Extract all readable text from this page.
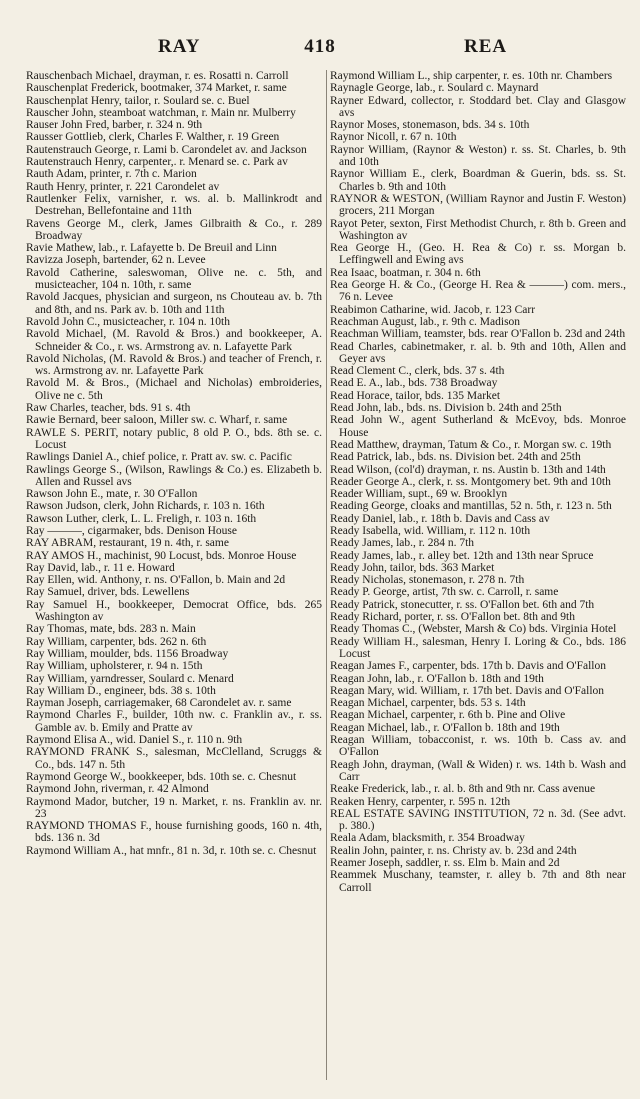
RAY	418	REA
Rauschenbach Michael, drayman, r. es. Rosatti n. Carroll
Rauschenplat Frederick, bootmaker, 374 Market, r. same
Rauschenplat Henry, tailor, r. Soulard se. c. Buel
Rauscher John, steamboat watchman, r. Main nr. Mulberry
Rauser John Fred, barber, r. 324 n. 9th
Rausser Gottlieb, clerk, Charles F. Walther, r. 19 Green
Rautenstrauch George, r. Lami b. Carondelet av. and Jackson
Rautenstrauch Henry, carpenter,. r. Menard se. c. Park av
Rauth Adam, printer, r. 7th c. Marion
Rauth Henry, printer, r. 221 Carondelet av
Rautlenker Felix, varnisher, r. ws. al. b. Mallinkrodt and Destrehan, Bellefontaine and 11th
Ravens George M., clerk, James Gilbraith & Co., r. 289 Broadway
Ravie Mathew, lab., r. Lafayette b. De Breuil and Linn
Ravizza Joseph, bartender, 62 n. Levee
Ravold Catherine, saleswoman, Olive ne. c. 5th, and musicteacher, 104 n. 10th, r. same
Ravold Jacques, physician and surgeon, ns Chouteau av. b. 7th and 8th, and ns. Park av. b. 10th and 11th
Ravold John C., musicteacher, r. 104 n. 10th
Ravold Michael, (M. Ravold & Bros.) and bookkeeper, A. Schneider & Co., r. ws. Armstrong av. n. Lafayette Park
Ravold Nicholas, (M. Ravold & Bros.) and teacher of French, r. ws. Armstrong av. nr. Lafayette Park
Ravold M. & Bros., (Michael and Nicholas) embroideries, Olive ne c. 5th
Raw Charles, teacher, bds. 91 s. 4th
Rawie Bernard, beer saloon, Miller sw. c. Wharf, r. same
RAWLE S. PERIT, notary public, 8 old P. O., bds. 8th se. c. Locust
Rawlings Daniel A., chief police, r. Pratt av. sw. c. Pacific
Rawlings George S., (Wilson, Rawlings & Co.) es. Elizabeth b. Allen and Russel avs
Rawson John E., mate, r. 30 O'Fallon
Rawson Judson, clerk, John Richards, r. 103 n. 16th
Rawson Luther, clerk, L. L. Freligh, r. 103 n. 16th
Ray ———, cigarmaker, bds. Denison House
RAY ABRAM, restaurant, 19 n. 4th, r. same
RAY AMOS H., machinist, 90 Locust, bds. Monroe House
Ray David, lab., r. 11 e. Howard
Ray Ellen, wid. Anthony, r. ns. O'Fallon, b. Main and 2d
Ray Samuel, driver, bds. Lewellens
Ray Samuel H., bookkeeper, Democrat Office, bds. 265 Washington av
Ray Thomas, mate, bds. 283 n. Main
Ray William, carpenter, bds. 262 n. 6th
Ray William, moulder, bds. 1156 Broadway
Ray William, upholsterer, r. 94 n. 15th
Ray William, yarndresser, Soulard c. Menard
Ray William D., engineer, bds. 38 s. 10th
Rayman Joseph, carriagemaker, 68 Carondelet av. r. same
Raymond Charles F., builder, 10th nw. c. Franklin av., r. ss. Gamble av. b. Emily and Pratte av
Raymond Elisa A., wid. Daniel S., r. 110 n. 9th
RAYMOND FRANK S., salesman, McClelland, Scruggs & Co., bds. 147 n. 5th
Raymond George W., bookkeeper, bds. 10th se. c. Chesnut
Raymond John, riverman, r. 42 Almond
Raymond Mador, butcher, 19 n. Market, r. ns. Franklin av. nr. 23
RAYMOND THOMAS F., house furnishing goods, 160 n. 4th, bds. 136 n. 3d
Raymond William A., hat mnfr., 81 n. 3d, r. 10th se. c. Chesnut
Raymond William L., ship carpenter, r. es. 10th nr. Chambers
Raynagle George, lab., r. Soulard c. Maynard
Rayner Edward, collector, r. Stoddard bet. Clay and Glasgow avs
Raynor Moses, stonemason, bds. 34 s. 10th
Raynor Nicoll, r. 67 n. 10th
Raynor William, (Raynor & Weston) r. ss. St. Charles, b. 9th and 10th
Raynor William E., clerk, Boardman & Guerin, bds. ss. St. Charles b. 9th and 10th
RAYNOR & WESTON, (William Raynor and Justin F. Weston) grocers, 211 Morgan
Rayot Peter, sexton, First Methodist Church, r. 8th b. Green and Washington av
Rea George H., (Geo. H. Rea & Co) r. ss. Morgan b. Leffingwell and Ewing avs
Rea Isaac, boatman, r. 304 n. 6th
Rea George H. & Co., (George H. Rea & ———) com. mers., 76 n. Levee
Reabimon Catharine, wid. Jacob, r. 123 Carr
Reachman August, lab., r. 9th c. Madison
Reachman William, teamster, bds. rear O'Fallon b. 23d and 24th
Read Charles, cabinetmaker, r. al. b. 9th and 10th, Allen and Geyer avs
Read Clement C., clerk, bds. 37 s. 4th
Read E. A., lab., bds. 738 Broadway
Read Horace, tailor, bds. 135 Market
Read John, lab., bds. ns. Division b. 24th and 25th
Read John W., agent Sutherland & McEvoy, bds. Monroe House
Read Matthew, drayman, Tatum & Co., r. Morgan sw. c. 19th
Read Patrick, lab., bds. ns. Division bet. 24th and 25th
Read Wilson, (col'd) drayman, r. ns. Austin b. 13th and 14th
Reader George A., clerk, r. ss. Montgomery bet. 9th and 10th
Reader William, supt., 69 w. Brooklyn
Reading George, cloaks and mantillas, 52 n. 5th, r. 123 n. 5th
Ready Daniel, lab., r. 18th b. Davis and Cass av
Ready Isabella, wid. William, r. 112 n. 10th
Ready James, lab., r. 284 n. 7th
Ready James, lab., r. alley bet. 12th and 13th near Spruce
Ready John, tailor, bds. 363 Market
Ready Nicholas, stonemason, r. 278 n. 7th
Ready P. George, artist, 7th sw. c. Carroll, r. same
Ready Patrick, stonecutter, r. ss. O'Fallon bet. 6th and 7th
Ready Richard, porter, r. ss. O'Fallon bet. 8th and 9th
Ready Thomas C., (Webster, Marsh & Co) bds. Virginia Hotel
Ready William H., salesman, Henry I. Loring & Co., bds. 186 Locust
Reagan James F., carpenter, bds. 17th b. Davis and O'Fallon
Reagan John, lab., r. O'Fallon b. 18th and 19th
Reagan Mary, wid. William, r. 17th bet. Davis and O'Fallon
Reagan Michael, carpenter, bds. 53 s. 14th
Reagan Michael, carpenter, r. 6th b. Pine and Olive
Reagan Michael, lab., r. O'Fallon b. 18th and 19th
Reagan William, tobacconist, r. ws. 10th b. Cass av. and O'Fallon
Reagh John, drayman, (Wall & Widen) r. ws. 14th b. Wash and Carr
Reake Frederick, lab., r. al. b. 8th and 9th nr. Cass avenue
Reaken Henry, carpenter, r. 595 n. 12th
REAL ESTATE SAVING INSTITUTION, 72 n. 3d. (See advt. p. 380.)
Reala Adam, blacksmith, r. 354 Broadway
Realin John, painter, r. ns. Christy av. b. 23d and 24th
Reamer Joseph, saddler, r. ss. Elm b. Main and 2d
Reammek Muschany, teamster, r. alley b. 7th and 8th near Carroll
